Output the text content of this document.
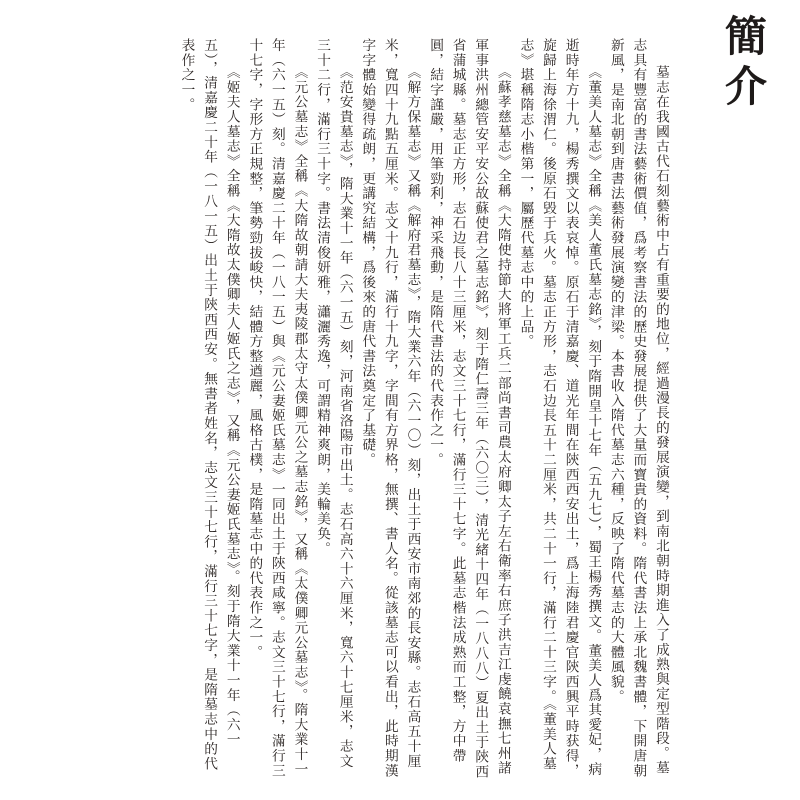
簡介

墓志在我國古代石刻藝術中占有重要的地位，經過漫長的發展演變，到南北朝時期進入了成熟與定型階段。墓志具有豐富的書法藝術價值，爲考察書法的歷史發展提供了大量而寶貴的資料。隋代書法上承北魏書體，下開唐朝新風，是南北朝到唐書法藝術發展演變的津梁。本書收入隋代墓志六種，反映了隋代墓志的大體風貌。

《董美人墓志》全稱《美人董氏墓志銘》，刻于隋開皇十七年（五九七），蜀王楊秀撰文。董美人爲其愛妃，病逝時年方十九，楊秀撰文以表哀悼。原石于清嘉慶、道光年間在陝西西安出土，爲上海陸君慶官陝西興平時获得，旋歸上海徐渭仁。後原石毁于兵火。墓志正方形，志石边長五十二厘米，共二十一行，滿行二十三字。《董美人墓志》堪稱隋志小楷第一，屬歷代墓志中的上品。

《蘇孝慈墓志》全稱《大隋使持節大將軍工兵二部尚書司農太府卿太子左右衛率右庶子洪吉江虔饒袁撫七州諸軍事洪州總管安平安公故蘇使君之墓志銘》，刻于隋仁壽三年（六〇三），清光緒十四年（一八八八）夏出土于陝西省蒲城縣。墓志正方形，志石边長八十三厘米，志文三十七行，滿行三十七字。此墓志楷法成熟而工整，方中帶圓，結字謹嚴，用筆勁利，神采飛動，是隋代書法的代表作之一。

《解方保墓志》又稱《解府君墓志》，隋大業六年（六一〇）刻，出土于西安市南郊的長安縣。志石高五十厘米，寬四十九點五厘米。志文十九行，滿行十九字，字間有方界格，無撰、書人名。從該墓志可以看出，此時期漢字字體始變得疏朗，更講究結構，爲後來的唐代書法奠定了基礎。

《范安貴墓志》，隋大業十一年（六一五）刻，河南省洛陽市出土。志石高六十六厘米，寬六十七厘米，志文三十二行，滿行三十字。書法清俊妍雅，瀟灑秀逸，可謂精神爽朗，美輪美奂。

《元公墓志》全稱《大隋故朝請大夫夷陵郡太守太僕卿元公之墓志銘》，又稱《太僕卿元公墓志》。隋大業十一年（六一五）刻。清嘉慶二十年（一八一五）與《元公妻姬氏墓志》一同出土于陝西咸寧。志文三十七行，滿行三十七字，字形方正規整，筆勢勁拔峻快，結體方整遒麗，風格古樸，是隋墓志中的代表作之一。

《姬夫人墓志》全稱《大隋故太僕卿夫人姬氏之志》，又稱《元公妻姬氏墓志》。刻于隋大業十一年（六一五），清嘉慶二十年（一八一五）出土于陝西西安。無書者姓名，志文三十七行，滿行三十七字，是隋墓志中的代表作之一。
